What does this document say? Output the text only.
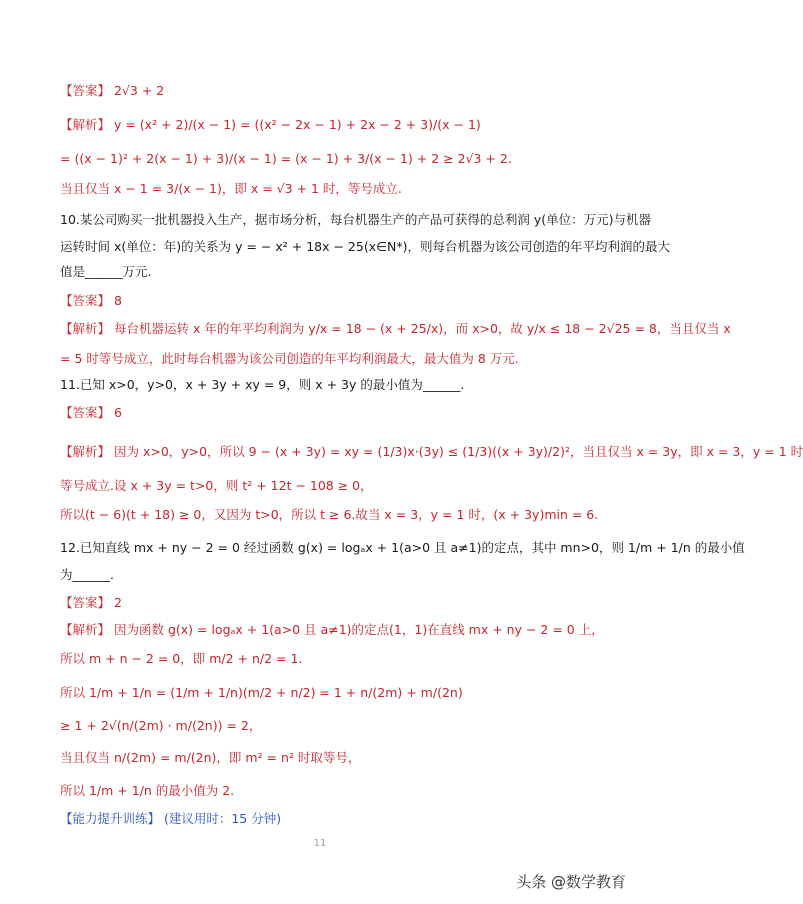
【答案】 2√3 + 2
【解析】 y = (x² + 2)/(x − 1) = ((x² − 2x − 1) + 2x − 2 + 3)/(x − 1)
= ((x − 1)² + 2(x − 1) + 3)/(x − 1) = (x − 1) + 3/(x − 1) + 2 ≥ 2√3 + 2.
当且仅当 x − 1 = 3/(x − 1)，即 x = √3 + 1 时，等号成立.
10.某公司购买一批机器投入生产，据市场分析，每台机器生产的产品可获得的总利润 y(单位：万元)与机器
运转时间 x(单位：年)的关系为 y = − x² + 18x − 25(x∈N*)，则每台机器为该公司创造的年平均利润的最大
值是______万元.
【答案】 8
【解析】 每台机器运转 x 年的年平均利润为 y/x = 18 − (x + 25/x)，而 x>0，故 y/x ≤ 18 − 2√25 = 8，当且仅当 x
= 5 时等号成立，此时每台机器为该公司创造的年平均利润最大，最大值为 8 万元.
11.已知 x>0，y>0，x + 3y + xy = 9，则 x + 3y 的最小值为______.
【答案】 6
【解析】 因为 x>0，y>0，所以 9 − (x + 3y) = xy = (1/3)x·(3y) ≤ (1/3)((x + 3y)/2)²，当且仅当 x = 3y，即 x = 3，y = 1 时
等号成立.设 x + 3y = t>0，则 t² + 12t − 108 ≥ 0，
所以(t − 6)(t + 18) ≥ 0，又因为 t>0，所以 t ≥ 6.故当 x = 3，y = 1 时，(x + 3y)min = 6.
12.已知直线 mx + ny − 2 = 0 经过函数 g(x) = logₐx + 1(a>0 且 a≠1)的定点，其中 mn>0，则 1/m + 1/n 的最小值
为______.
【答案】 2
【解析】 因为函数 g(x) = logₐx + 1(a>0 且 a≠1)的定点(1，1)在直线 mx + ny − 2 = 0 上，
所以 m + n − 2 = 0，即 m/2 + n/2 = 1.
所以 1/m + 1/n = (1/m + 1/n)(m/2 + n/2) = 1 + n/(2m) + m/(2n)
≥ 1 + 2√(n/(2m) · m/(2n)) = 2，
当且仅当 n/(2m) = m/(2n)，即 m² = n² 时取等号，
所以 1/m + 1/n 的最小值为 2.
【能力提升训练】 (建议用时：15 分钟)
11
头条 @数学教育
